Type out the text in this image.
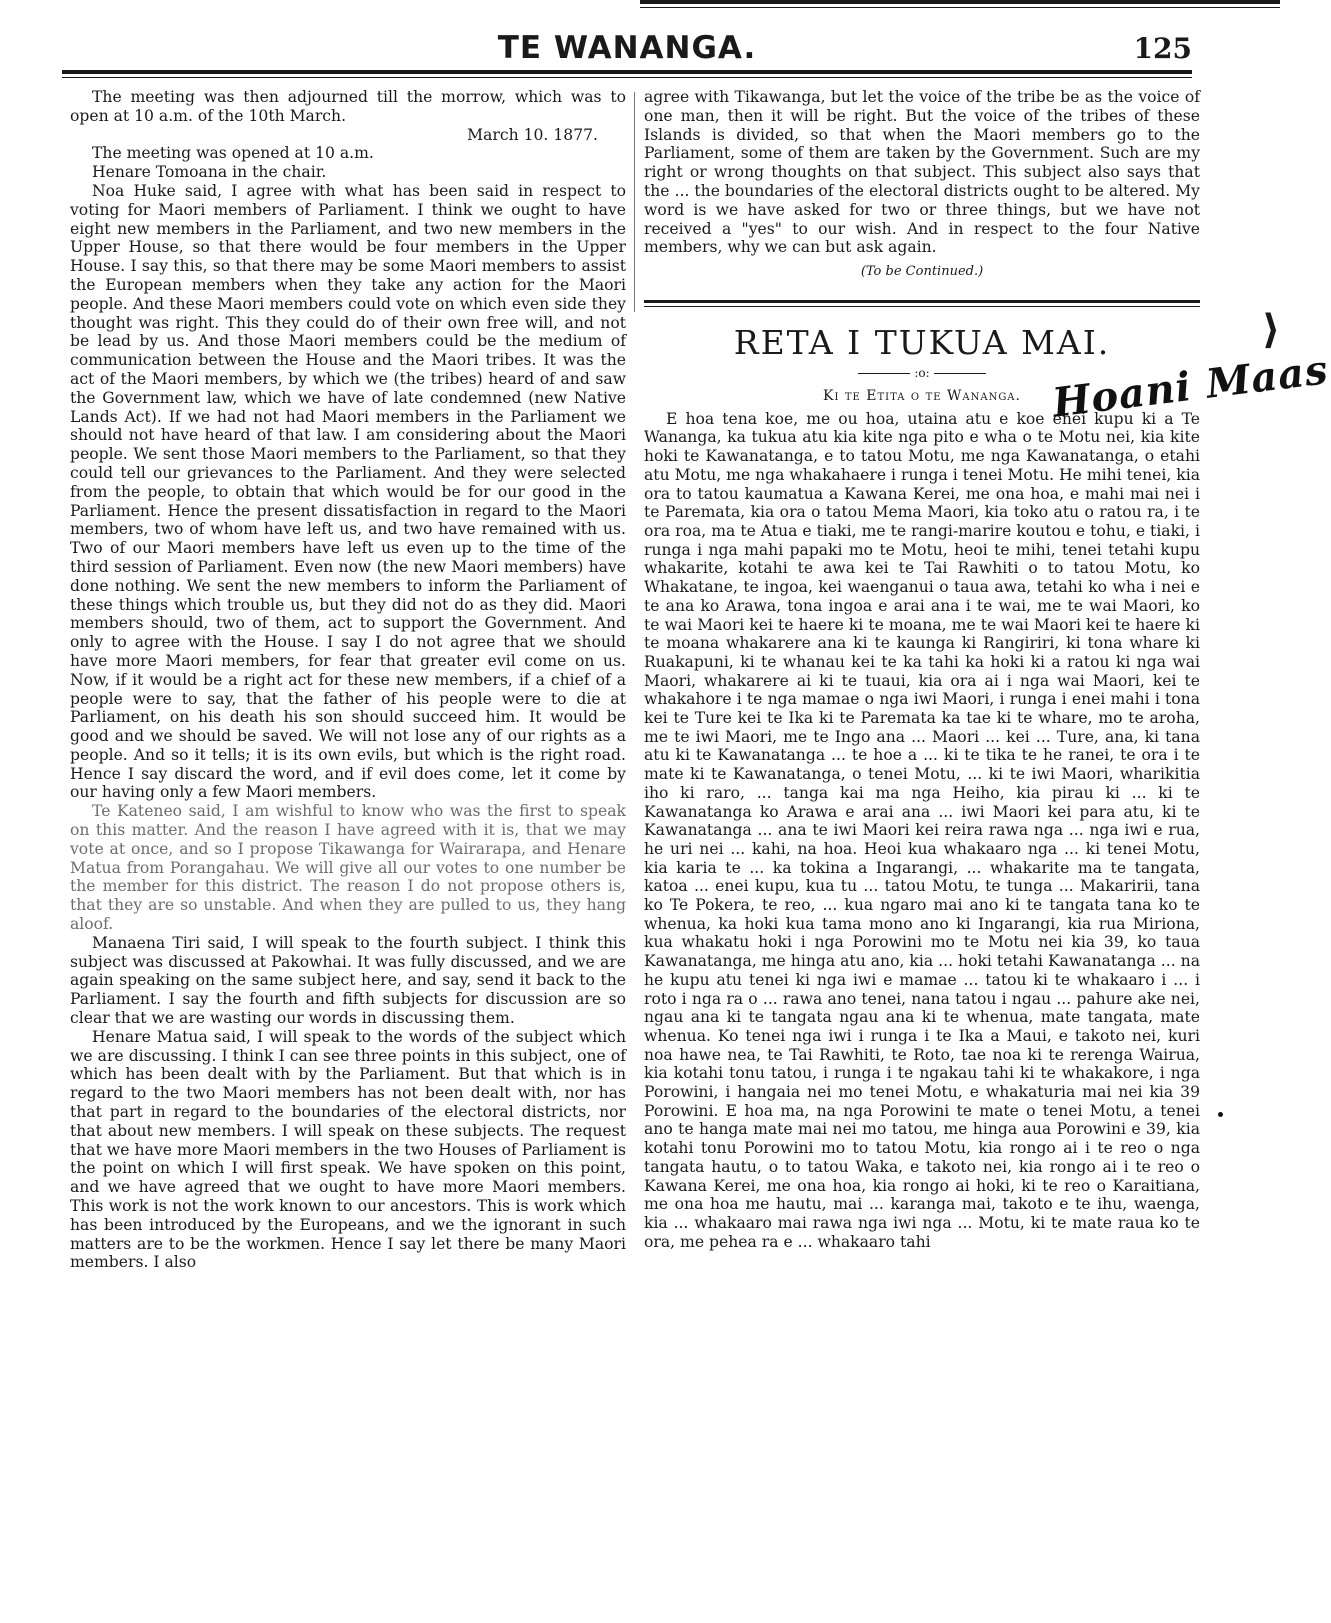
TE WANANGA.	125

The meeting was then adjourned till the morrow, which was to open at 10 a.m. of the 10th March.

March 10. 1877.

The meeting was opened at 10 a.m.

Henare Tomoana in the chair.

Noa Huke said, I agree with what has been said in respect to voting for Maori members of Parliament. I think we ought to have eight new members in the Parliament, and two new members in the Upper House, so that there would be four members in the Upper House. I say this, so that there may be some Maori members to assist the European members when they take any action for the Maori people. And these Maori members could vote on which even side they thought was right. This they could do of their own free will, and not be lead by us. And those Maori members could be the medium of communication between the House and the Maori tribes. It was the act of the Maori members, by which we (the tribes) heard of and saw the Government law, which we have of late condemned (new Native Lands Act). If we had not had Maori members in the Parliament we should not have heard of that law. I am considering about the Maori people. We sent those Maori members to the Parliament, so that they could tell our grievances to the Parliament. And they were selected from the people, to obtain that which would be for our good in the Parliament. Hence the present dissatisfaction in regard to the Maori members, two of whom have left us, and two have remained with us. Two of our Maori members have left us even up to the time of the third session of Parliament. Even now (the new Maori members) have done nothing. We sent the new members to inform the Parliament of these things which trouble us, but they did not do as they did. Maori members should, two of them, act to support the Government. And only to agree with the House. I say I do not agree that we should have more Maori members, for fear that greater evil come on us. Now, if it would be a right act for these new members, if a chief of a people were to say, that the father of his people were to die at Parliament, on his death his son should succeed him. It would be good and we should be saved. We will not lose any of our rights as a people. And so it tells; it is its own evils, but which is the right road. Hence I say discard the word, and if evil does come, let it come by our having only a few Maori members.

Te Kateneo said, I am wishful to know who was the first to speak on this matter. And the reason I have agreed with it is, that we may vote at once, and so I propose Tikawanga for Wairarapa, and Henare Matua from Porangahau. We will give all our votes to one number be the member for this district. The reason I do not propose others is, that they are so unstable. And when they are pulled to us, they hang aloof.

Manaena Tiri said, I will speak to the fourth subject. I think this subject was discussed at Pakowhai. It was fully discussed, and we are again speaking on the same subject here, and say, send it back to the Parliament. I say the fourth and fifth subjects for discussion are so clear that we are wasting our words in discussing them.

Henare Matua said, I will speak to the words of the subject which we are discussing. I think I can see three points in this subject, one of which has been dealt with by the Parliament. But that which is in regard to the two Maori members has not been dealt with, nor has that part in regard to the boundaries of the electoral districts, nor that about new members. I will speak on these subjects. The request that we have more Maori members in the two Houses of Parliament is the point on which I will first speak. We have spoken on this point, and we have agreed that we ought to have more Maori members. This work is not the work known to our ancestors. This is work which has been introduced by the Europeans, and we the ignorant in such matters are to be the workmen. Hence I say let there be many Maori members. I also

agree with Tikawanga, but let the voice of the tribe be as the voice of one man, then it will be right. But the voice of the tribes of these Islands is divided, so that when the Maori members go to the Parliament, some of them are taken by the Government. Such are my right or wrong thoughts on that subject. This subject also says that the ... the boundaries of the electoral districts ought to be altered. My word is we have asked for two or three things, but we have not received a "yes" to our wish. And in respect to the four Native members, why we can but ask again.

(To be Continued.)

RETA I TUKUA MAI.
:o:
Ki te Etita o te Wananga.

E hoa tena koe, me ou hoa, utaina atu e koe enei kupu ki a Te Wananga, ka tukua atu kia kite nga pito e wha o te Motu nei, kia kite hoki te Kawanatanga, e to tatou Motu, me nga Kawanatanga, o etahi atu Motu, me nga whakahaere i runga i tenei Motu. He mihi tenei, kia ora to tatou kaumatua a Kawana Kerei, me ona hoa, e mahi mai nei i te Paremata, kia ora o tatou Mema Maori, kia toko atu o ratou ra, i te ora roa, ma te Atua e tiaki, me te rangi-marire koutou e tohu, e tiaki, i runga i nga mahi papaki mo te Motu, heoi te mihi, tenei tetahi kupu whakarite, kotahi te awa kei te Tai Rawhiti o to tatou Motu, ko Whakatane, te ingoa, kei waenganui o taua awa, tetahi ko wha i nei e te ana ko Arawa, tona ingoa e arai ana i te wai, me te wai Maori, ko te wai Maori kei te haere ki te moana, me te wai Maori kei te haere ki te moana whakarere ana ki te kaunga ki Rangiriri, ki tona whare ki Ruakapuni, ki te whanau kei te ka tahi ka hoki ki a ratou ki nga wai Maori, whakarere ai ki te tuaui, kia ora ai i nga wai Maori, kei te whakahore i te nga mamae o nga iwi Maori, i runga i enei mahi i tona kei te Ture kei te Ika ki te Paremata ka tae ki te whare, mo te aroha, me te iwi Maori, me te Ingo ana ... Maori ... kei ... Ture, ana, ki tana atu ki te Kawanatanga ... te hoe a ... ki te tika te he ranei, te ora i te mate ki te Kawanatanga, o tenei Motu, ... ki te iwi Maori, wharikitia iho ki raro, ... tanga kai ma nga Heiho, kia pirau ki ... ki te Kawanatanga ko Arawa e arai ana ... iwi Maori kei para atu, ki te Kawanatanga ... ana te iwi Maori kei reira rawa nga ... nga iwi e rua, he uri nei ... kahi, na hoa. Heoi kua whakaaro nga ... ki tenei Motu, kia karia te ... ka tokina a Ingarangi, ... whakarite ma te tangata, katoa ... enei kupu, kua tu ... tatou Motu, te tunga ... Makaririi, tana ko Te Pokera, te reo, ... kua ngaro mai ano ki te tangata tana ko te whenua, ka hoki kua tama mono ano ki Ingarangi, kia rua Miriona, kua whakatu hoki i nga Porowini mo te Motu nei kia 39, ko taua Kawanatanga, me hinga atu ano, kia ... hoki tetahi Kawanatanga ... na he kupu atu tenei ki nga iwi e mamae ... tatou ki te whakaaro i ... i roto i nga ra o ... rawa ano tenei, nana tatou i ngau ... pahure ake nei, ngau ana ki te tangata ngau ana ki te whenua, mate tangata, mate whenua. Ko tenei nga iwi i runga i te Ika a Maui, e takoto nei, kuri noa hawe nea, te Tai Rawhiti, te Roto, tae noa ki te rerenga Wairua, kia kotahi tonu tatou, i runga i te ngakau tahi ki te whakakore, i nga Porowini, i hangaia nei mo tenei Motu, e whakaturia mai nei kia 39 Porowini. E hoa ma, na nga Porowini te mate o tenei Motu, a tenei ano te hanga mate mai nei mo tatou, me hinga aua Porowini e 39, kia kotahi tonu Porowini mo to tatou Motu, kia rongo ai i te reo o nga tangata hautu, o to tatou Waka, e takoto nei, kia rongo ai i te reo o Kawana Kerei, me ona hoa, kia rongo ai hoki, ki te reo o Karaitiana, me ona hoa me hautu, mai ... karanga mai, takoto e te ihu, waenga, kia ... whakaaro mai rawa nga iwi nga ... Motu, ki te mate raua ko te ora, me pehea ra e ... whakaaro tahi

Hoani Maas
⟩
